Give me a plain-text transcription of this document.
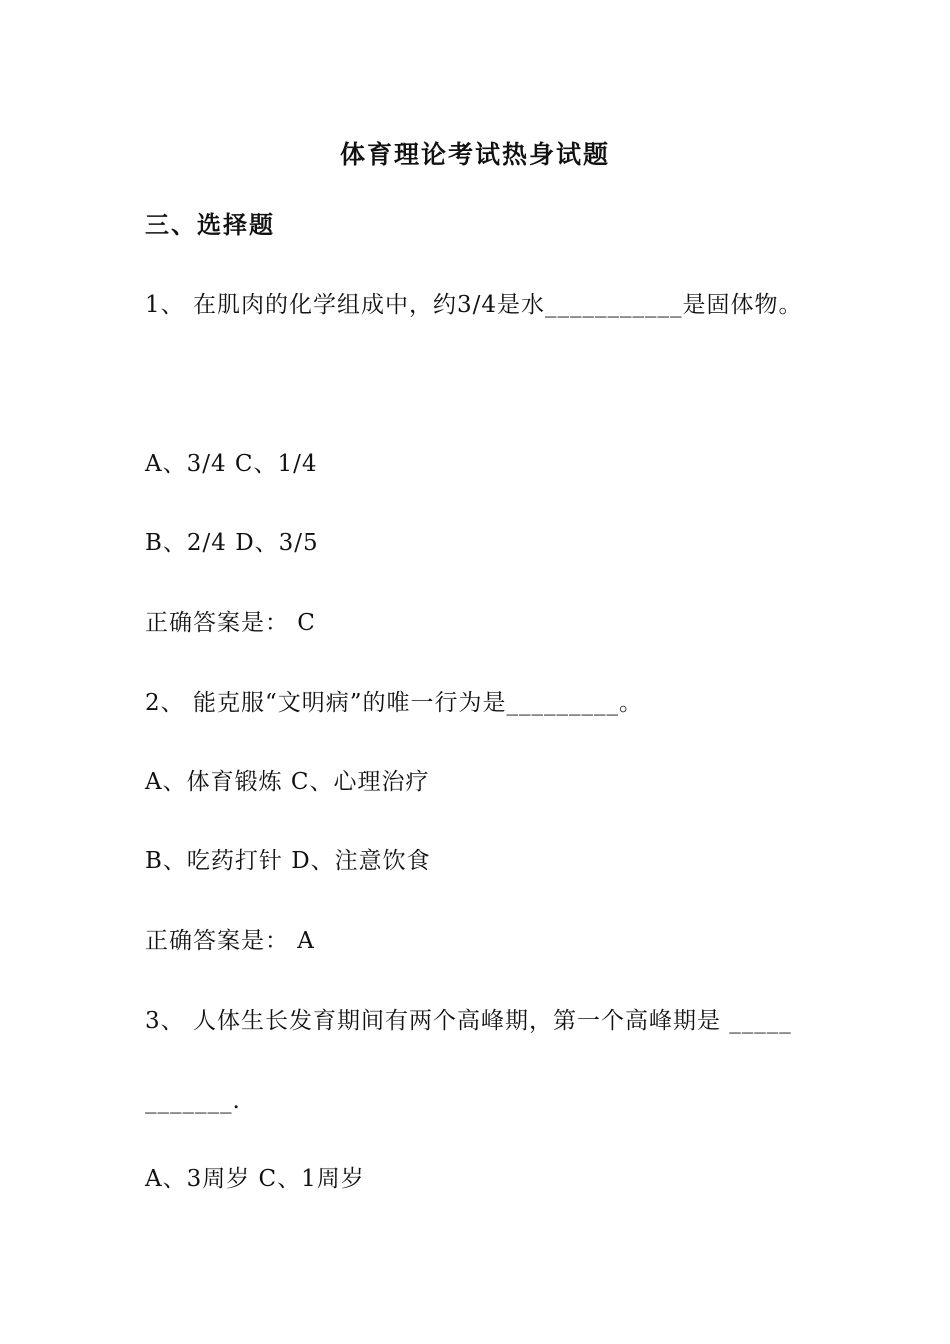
体育理论考试热身试题
三、选择题
1、 在肌肉的化学组成中，约3/4是水___________是固体物。
A、3/4 C、1/4
B、2/4 D、3/5
正确答案是： C
2、 能克服“文明病”的唯一行为是_________。
A、体育锻炼 C、心理治疗
B、吃药打针 D、注意饮食
正确答案是： A
3、 人体生长发育期间有两个高峰期，第一个高峰期是 _____
_______.
A、3周岁 C、1周岁
